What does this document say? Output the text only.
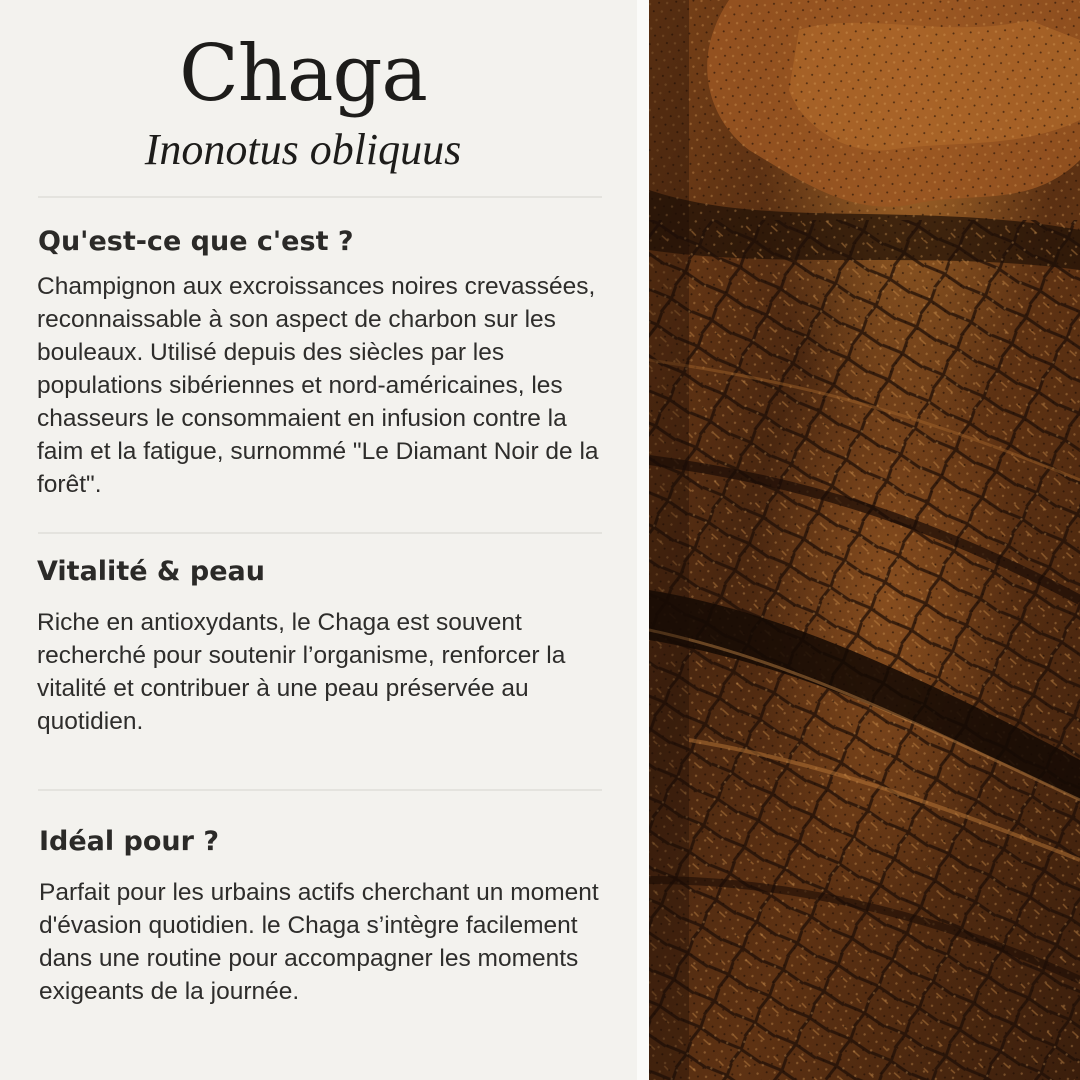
Chaga

Inonotus obliquus

Qu'est-ce que c'est ?

Champignon aux excroissances noires crevassées, reconnaissable à son aspect de charbon sur les bouleaux. Utilisé depuis des siècles par les populations sibériennes et nord-américaines, les chasseurs le consommaient en infusion contre la faim et la fatigue, surnommé "Le Diamant Noir de la forêt".

Vitalité & peau

Riche en antioxydants, le Chaga est souvent recherché pour soutenir l’organisme, renforcer la vitalité et contribuer à une peau préservée au quotidien.

Idéal pour ?

Parfait pour les urbains actifs cherchant un moment d'évasion quotidien. le Chaga s’intègre facilement dans une routine pour accompagner les moments exigeants de la journée.
